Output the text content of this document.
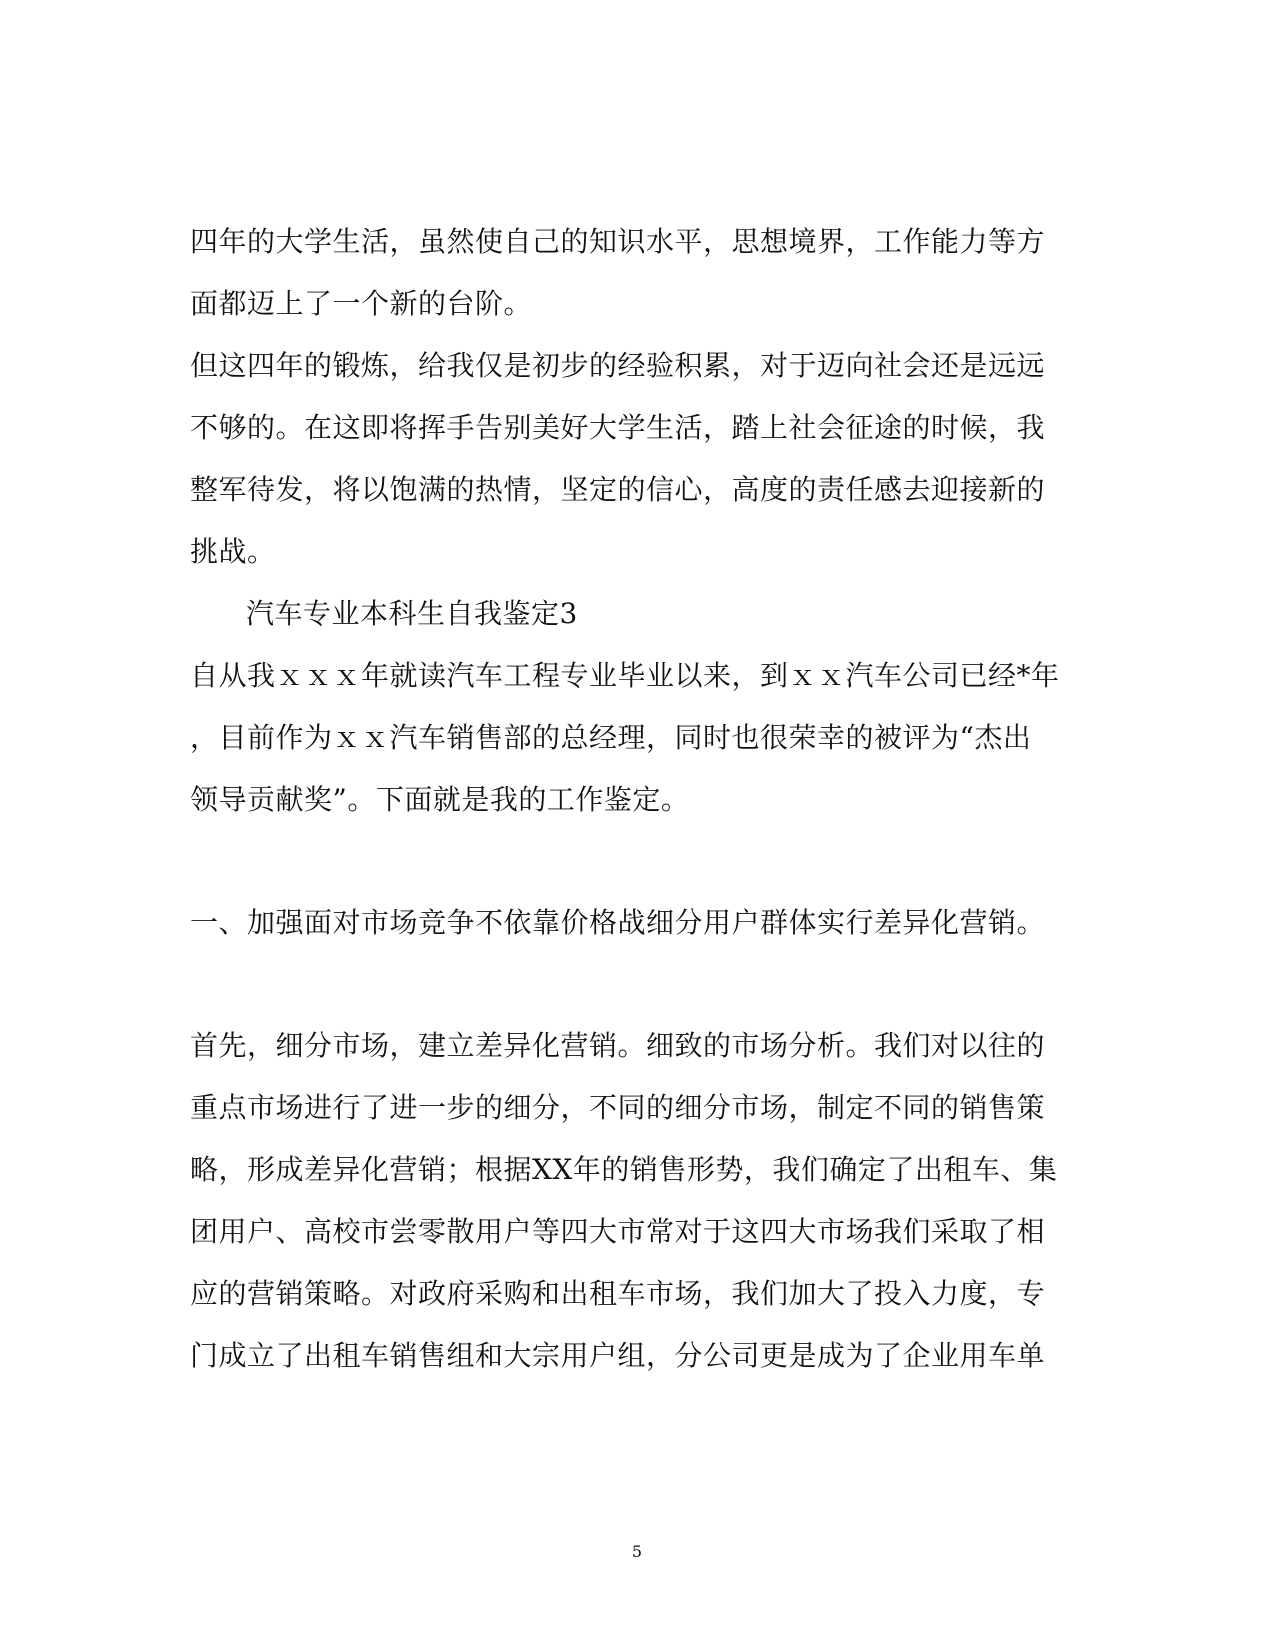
四年的大学生活，虽然使自己的知识水平，思想境界，工作能力等方
面都迈上了一个新的台阶。
但这四年的锻炼，给我仅是初步的经验积累，对于迈向社会还是远远
不够的。在这即将挥手告别美好大学生活，踏上社会征途的时候，我
整军待发，将以饱满的热情，坚定的信心，高度的责任感去迎接新的
挑战。
汽车专业本科生自我鉴定3
自从我ｘｘｘ年就读汽车工程专业毕业以来，到ｘｘ汽车公司已经*年
，目前作为ｘｘ汽车销售部的总经理，同时也很荣幸的被评为“杰出
领导贡献奖”。下面就是我的工作鉴定。
一、加强面对市场竞争不依靠价格战细分用户群体实行差异化营销。
首先，细分市场，建立差异化营销。细致的市场分析。我们对以往的
重点市场进行了进一步的细分，不同的细分市场，制定不同的销售策
略，形成差异化营销；根据XX年的销售形势，我们确定了出租车、集
团用户、高校市尝零散用户等四大市常对于这四大市场我们采取了相
应的营销策略。对政府采购和出租车市场，我们加大了投入力度，专
门成立了出租车销售组和大宗用户组，分公司更是成为了企业用车单
5
